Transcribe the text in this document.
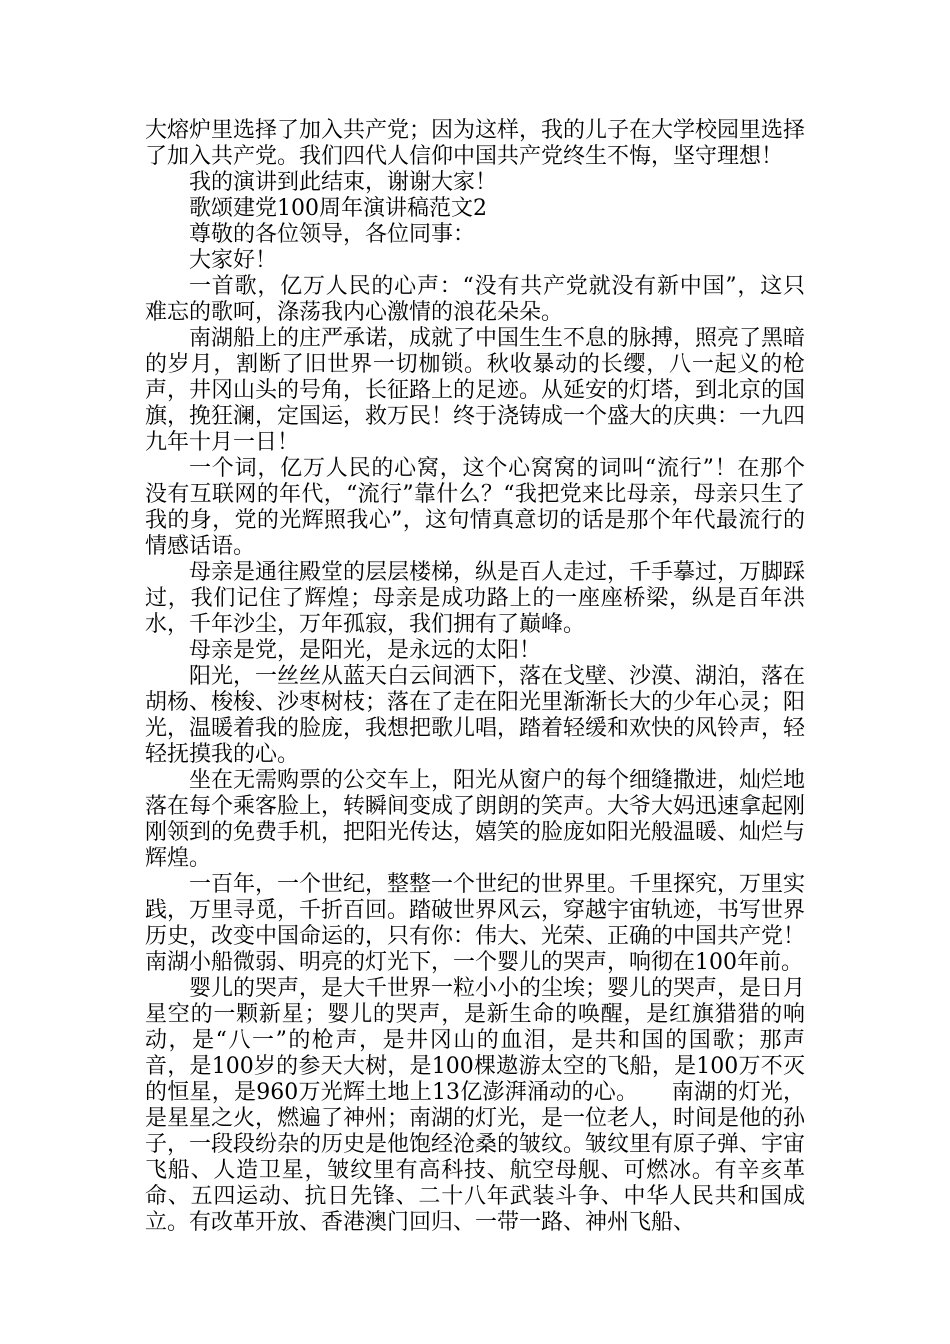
大熔炉里选择了加入共产党；因为这样，我的儿子在大学校园里选择了加入共产党。我们四代人信仰中国共产党终生不悔，坚守理想！

我的演讲到此结束，谢谢大家！

歌颂建党100周年演讲稿范文2

尊敬的各位领导，各位同事：

大家好！

一首歌，亿万人民的心声：“没有共产党就没有新中国”，这只难忘的歌呵，涤荡我内心激情的浪花朵朵。

南湖船上的庄严承诺，成就了中国生生不息的脉搏，照亮了黑暗的岁月，割断了旧世界一切枷锁。秋收暴动的长缨，八一起义的枪声，井冈山头的号角，长征路上的足迹。从延安的灯塔，到北京的国旗，挽狂澜，定国运，救万民！终于浇铸成一个盛大的庆典：一九四九年十月一日！

一个词，亿万人民的心窝，这个心窝窝的词叫“流行”！在那个没有互联网的年代，“流行”靠什么？“我把党来比母亲，母亲只生了我的身，党的光辉照我心”，这句情真意切的话是那个年代最流行的情感话语。

母亲是通往殿堂的层层楼梯，纵是百人走过，千手摹过，万脚踩过，我们记住了辉煌；母亲是成功路上的一座座桥梁，纵是百年洪水，千年沙尘，万年孤寂，我们拥有了巅峰。

母亲是党，是阳光，是永远的太阳！

阳光，一丝丝从蓝天白云间洒下，落在戈壁、沙漠、湖泊，落在胡杨、梭梭、沙枣树枝；落在了走在阳光里渐渐长大的少年心灵；阳光，温暖着我的脸庞，我想把歌儿唱，踏着轻缓和欢快的风铃声，轻轻抚摸我的心。

坐在无需购票的公交车上，阳光从窗户的每个细缝撒进，灿烂地落在每个乘客脸上，转瞬间变成了朗朗的笑声。大爷大妈迅速拿起刚刚领到的免费手机，把阳光传达，嬉笑的脸庞如阳光般温暖、灿烂与辉煌。

一百年，一个世纪，整整一个世纪的世界里。千里探究，万里实践，万里寻觅，千折百回。踏破世界风云，穿越宇宙轨迹，书写世界历史，改变中国命运的，只有你：伟大、光荣、正确的中国共产党！　　南湖小船微弱、明亮的灯光下，一个婴儿的哭声，响彻在100年前。

婴儿的哭声，是大千世界一粒小小的尘埃；婴儿的哭声，是日月星空的一颗新星；婴儿的哭声，是新生命的唤醒，是红旗猎猎的响动，是“八一”的枪声，是井冈山的血泪，是共和国的国歌；那声音，是100岁的参天大树，是100棵遨游太空的飞船，是100万不灭的恒星，是960万光辉土地上13亿澎湃涌动的心。　　南湖的灯光，是星星之火，燃遍了神州；南湖的灯光，是一位老人，时间是他的孙子，一段段纷杂的历史是他饱经沧桑的皱纹。皱纹里有原子弹、宇宙飞船、人造卫星，皱纹里有高科技、航空母舰、可燃冰。有辛亥革命、五四运动、抗日先锋、二十八年武装斗争、中华人民共和国成立。有改革开放、香港澳门回归、一带一路、神州飞船、
